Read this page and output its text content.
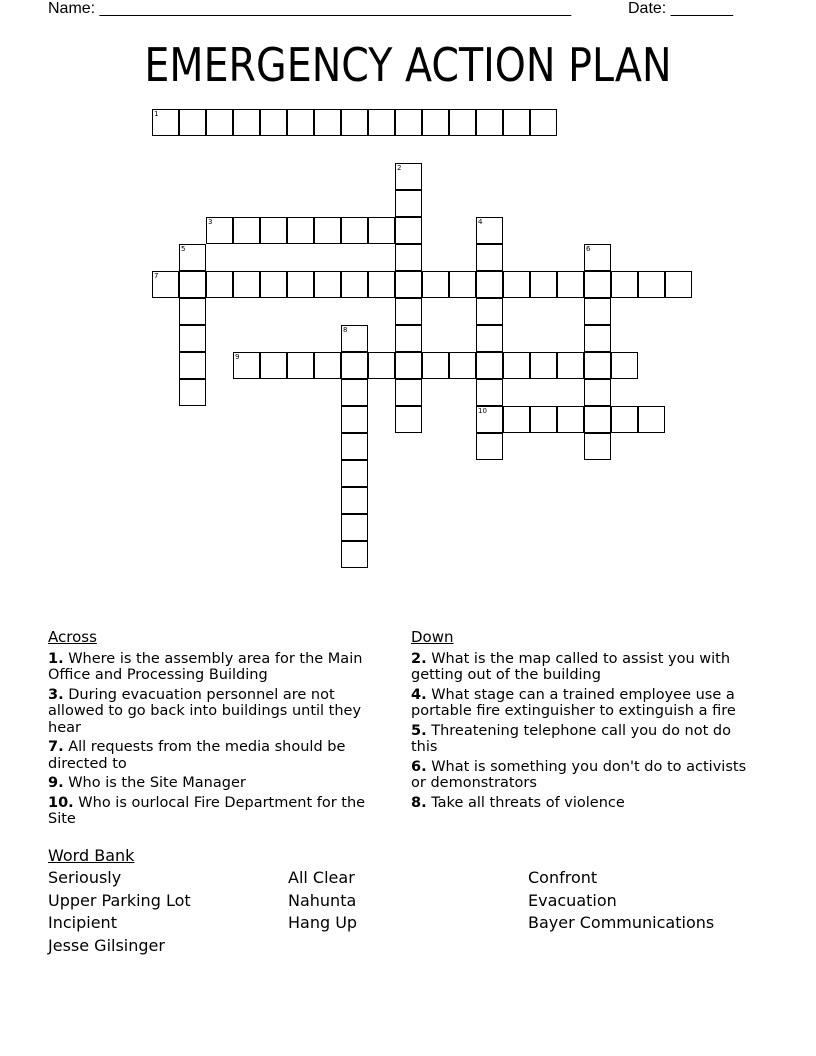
Name: _____________________________________________________	Date: _______
EMERGENCY ACTION PLAN
1
2
3	4
10
5	6
7
8
9
Across
1. Where is the assembly area for the Main Office and Processing Building
3. During evacuation personnel are not allowed to go back into buildings until they hear
7. All requests from the media should be directed to
9. Who is the Site Manager
10. Who is ourlocal Fire Department for the Site
Down
2. What is the map called to assist you with getting out of the building
4. What stage can a trained employee use a portable fire extinguisher to extinguish a fire
5. Threatening telephone call you do not do this
6. What is something you don't do to activists or demonstrators
8. Take all threats of violence
Word Bank
Seriously
Upper Parking Lot
Incipient
Jesse Gilsinger
All Clear
Nahunta
Hang Up
Confront
Evacuation
Bayer Communications
